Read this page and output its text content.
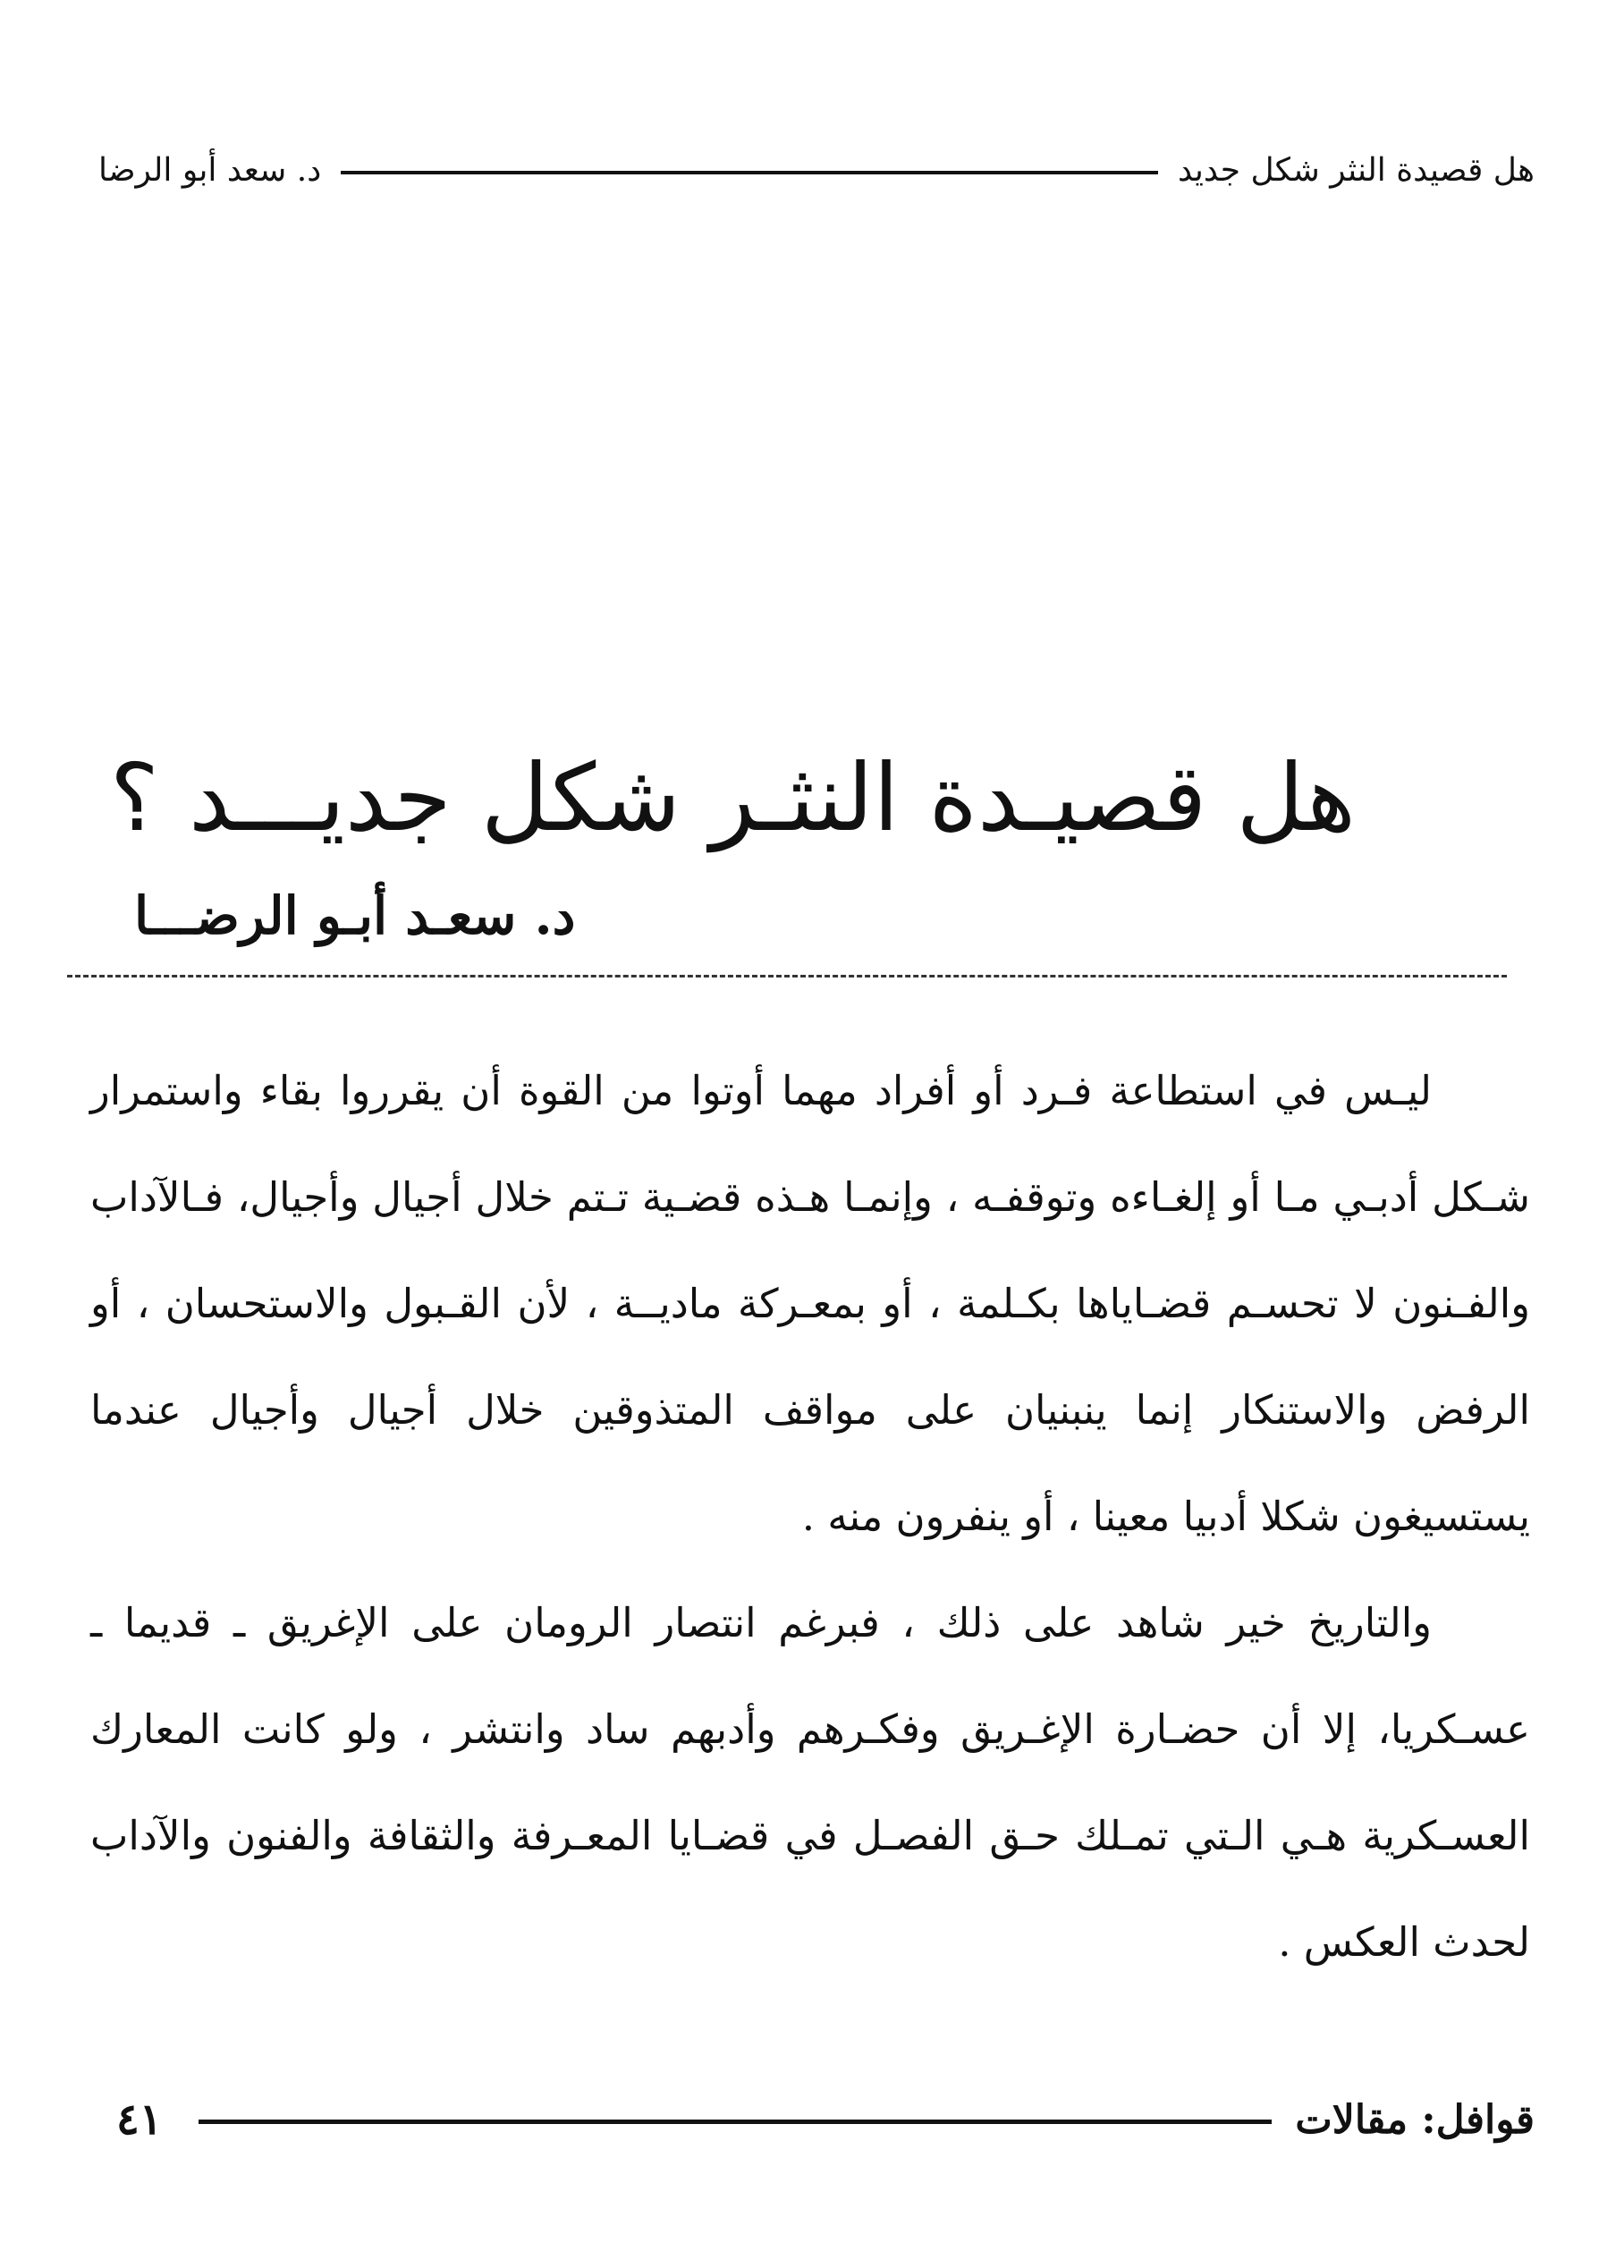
هل قصيدة النثر شكل جديد
د. سعد أبو الرضا
هل قصيـدة النثـر شكل جديـــد ؟
د. سعـد أبـو الرضـــا

ليـس في استطاعة فـرد أو أفراد مهما أوتوا من القوة أن يقرروا بقاء واستمرار شـكل أدبـي مـا أو إلغـاءه وتوقفـه ، وإنمـا هـذه قضـية تـتم خلال أجيال وأجيال، فـالآداب والفـنون لا تحسـم قضـاياها بكـلمة ، أو بمعـركة ماديــة ، لأن القـبول والاستحسان ، أو الرفض والاستنكار إنما ينبنيان على مواقف المتذوقين خلال أجيال وأجيال عندما يستسيغون شكلا أدبيا معينا ، أو ينفرون منه .

والتاريخ خير شاهد على ذلك ، فبرغم انتصار الرومان على الإغريق ـ قديما ـ عسـكريا، إلا أن حضـارة الإغـريق وفكـرهم وأدبهم ساد وانتشر ، ولو كانت المعارك العسـكرية هـي الـتي تمـلك حـق الفصـل في قضـايا المعـرفة والثقافة والفنون والآداب لحدث العكس .

قوافل: مقالات
٤١
